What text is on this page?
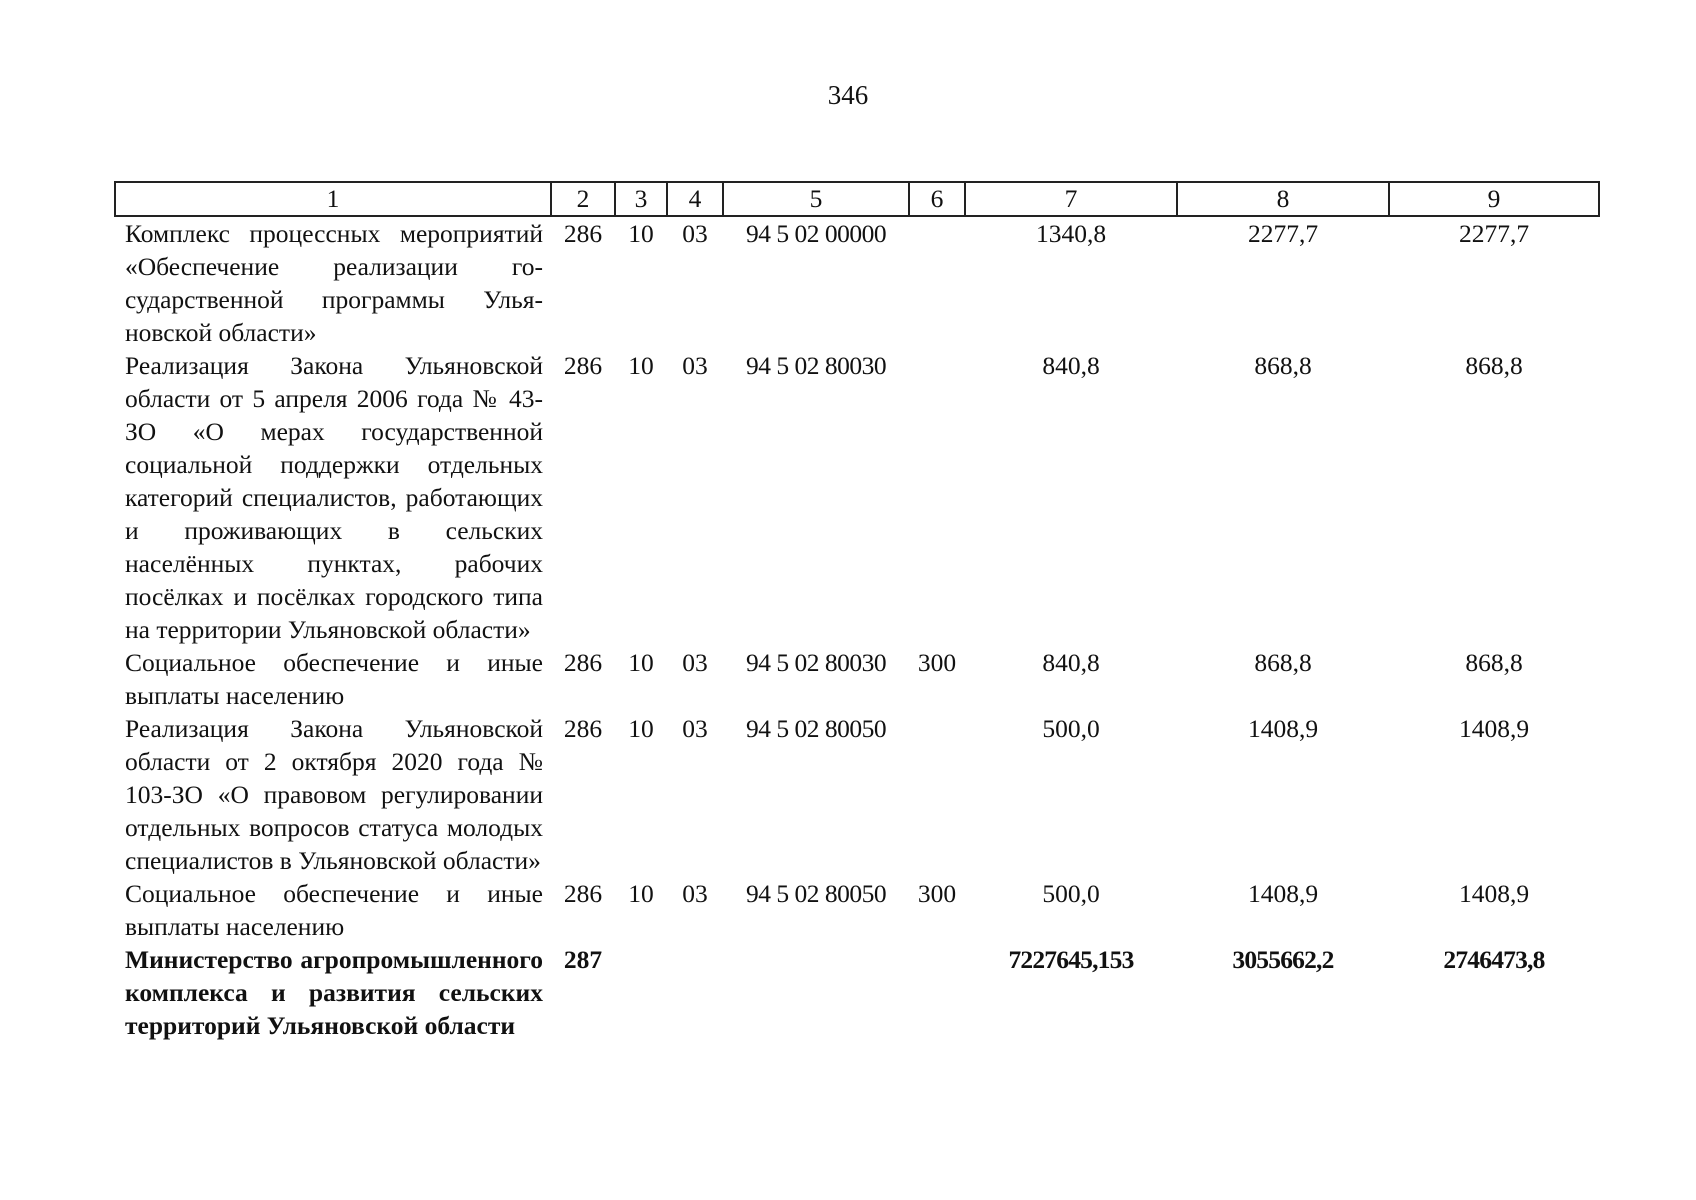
346
1	2	3	4	5	6	7	8	9
Комплекс процессных мероприятий «Обеспечение реализации государственной программы Ульяновской области»	286	10	03	94 5 02 00000		1340,8	2277,7	2277,7
Реализация Закона Ульяновской области от 5 апреля 2006 года № 43-ЗО «О мерах государственной социальной поддержки отдельных категорий специалистов, работающих и проживающих в сельских населённых пунктах, рабочих посёлках и посёлках городского типа на территории Ульяновской области»	286	10	03	94 5 02 80030		840,8	868,8	868,8
Социальное обеспечение и иные выплаты населению	286	10	03	94 5 02 80030	300	840,8	868,8	868,8
Реализация Закона Ульяновской области от 2 октября 2020 года № 103-ЗО «О правовом регулировании отдельных вопросов статуса молодых специалистов в Ульяновской области»	286	10	03	94 5 02 80050		500,0	1408,9	1408,9
Социальное обеспечение и иные выплаты населению	286	10	03	94 5 02 80050	300	500,0	1408,9	1408,9
Министерство агропромышленного комплекса и развития сельских территорий Ульяновской области	287					7227645,153	3055662,2	2746473,8
